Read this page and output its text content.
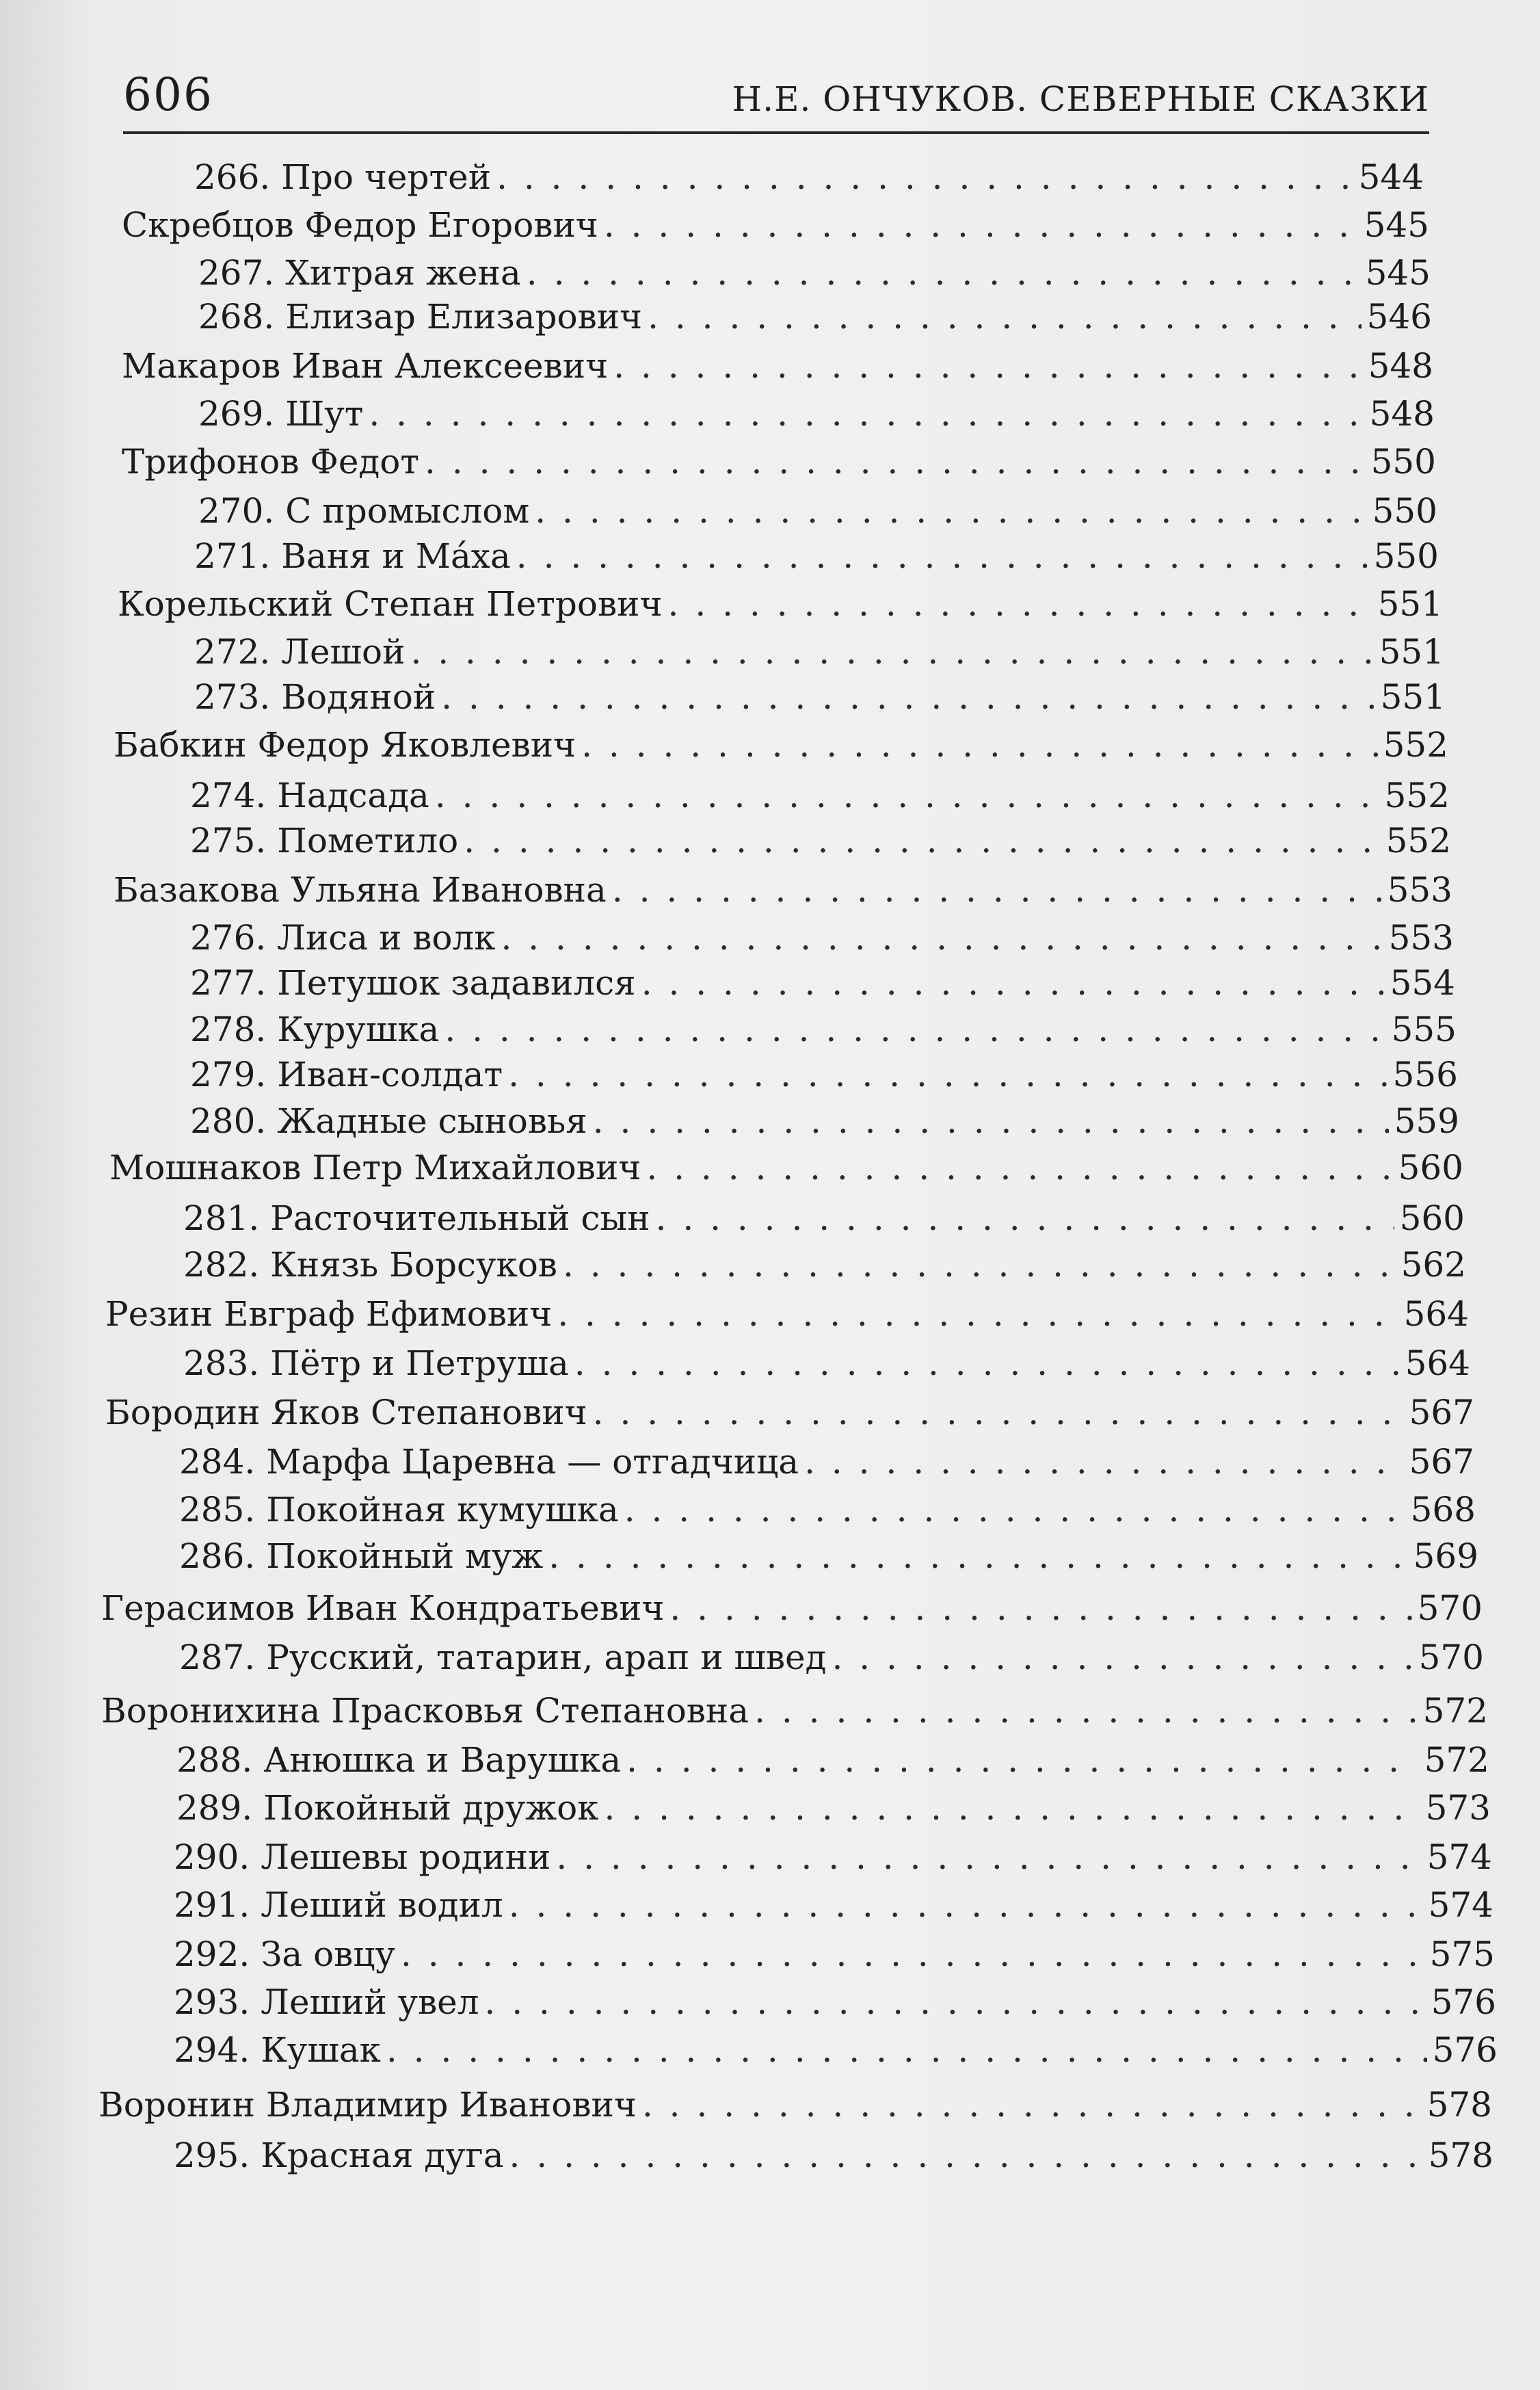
606	Н.Е. ОНЧУКОВ. СЕВЕРНЫЕ СКАЗКИ
266. Про чертей . . .	544
Скребцов Федор Егорович . . .	545
267. Хитрая жена . . .	545
268. Елизар Елизарович . . .	546
Макаров Иван Алексеевич . . .	548
269. Шут . . .	548
Трифонов Федот . . .	550
270. С промыслом . . .	550
271. Ваня и Ма́ха . . .	550
Корельский Степан Петрович . . .	551
272. Лешой . . .	551
273. Водяной . . .	551
Бабкин Федор Яковлевич . . .	552
274. Надсада . . .	552
275. Пометило . . .	552
Базакова Ульяна Ивановна . . .	553
276. Лиса и волк . . .	553
277. Петушок задавился . . .	554
278. Курушка . . .	555
279. Иван-солдат . . .	556
280. Жадные сыновья . . .	559
Мошнаков Петр Михайлович . . .	560
281. Расточительный сын . . .	560
282. Князь Борсуков . . .	562
Резин Евграф Ефимович . . .	564
283. Пётр и Петруша . . .	564
Бородин Яков Степанович . . .	567
284. Марфа Царевна — отгадчица . . .	567
285. Покойная кумушка . . .	568
286. Покойный муж . . .	569
Герасимов Иван Кондратьевич . . .	570
287. Русский, татарин, арап и швед . . .	570
Воронихина Прасковья Степановна . . .	572
288. Анюшка и Варушка . . .	572
289. Покойный дружок . . .	573
290. Лешевы родини . . .	574
291. Леший водил . . .	574
292. За овцу . . .	575
293. Леший увел . . .	576
294. Кушак . . .	576
Воронин Владимир Иванович . . .	578
295. Красная дуга . . .	578
